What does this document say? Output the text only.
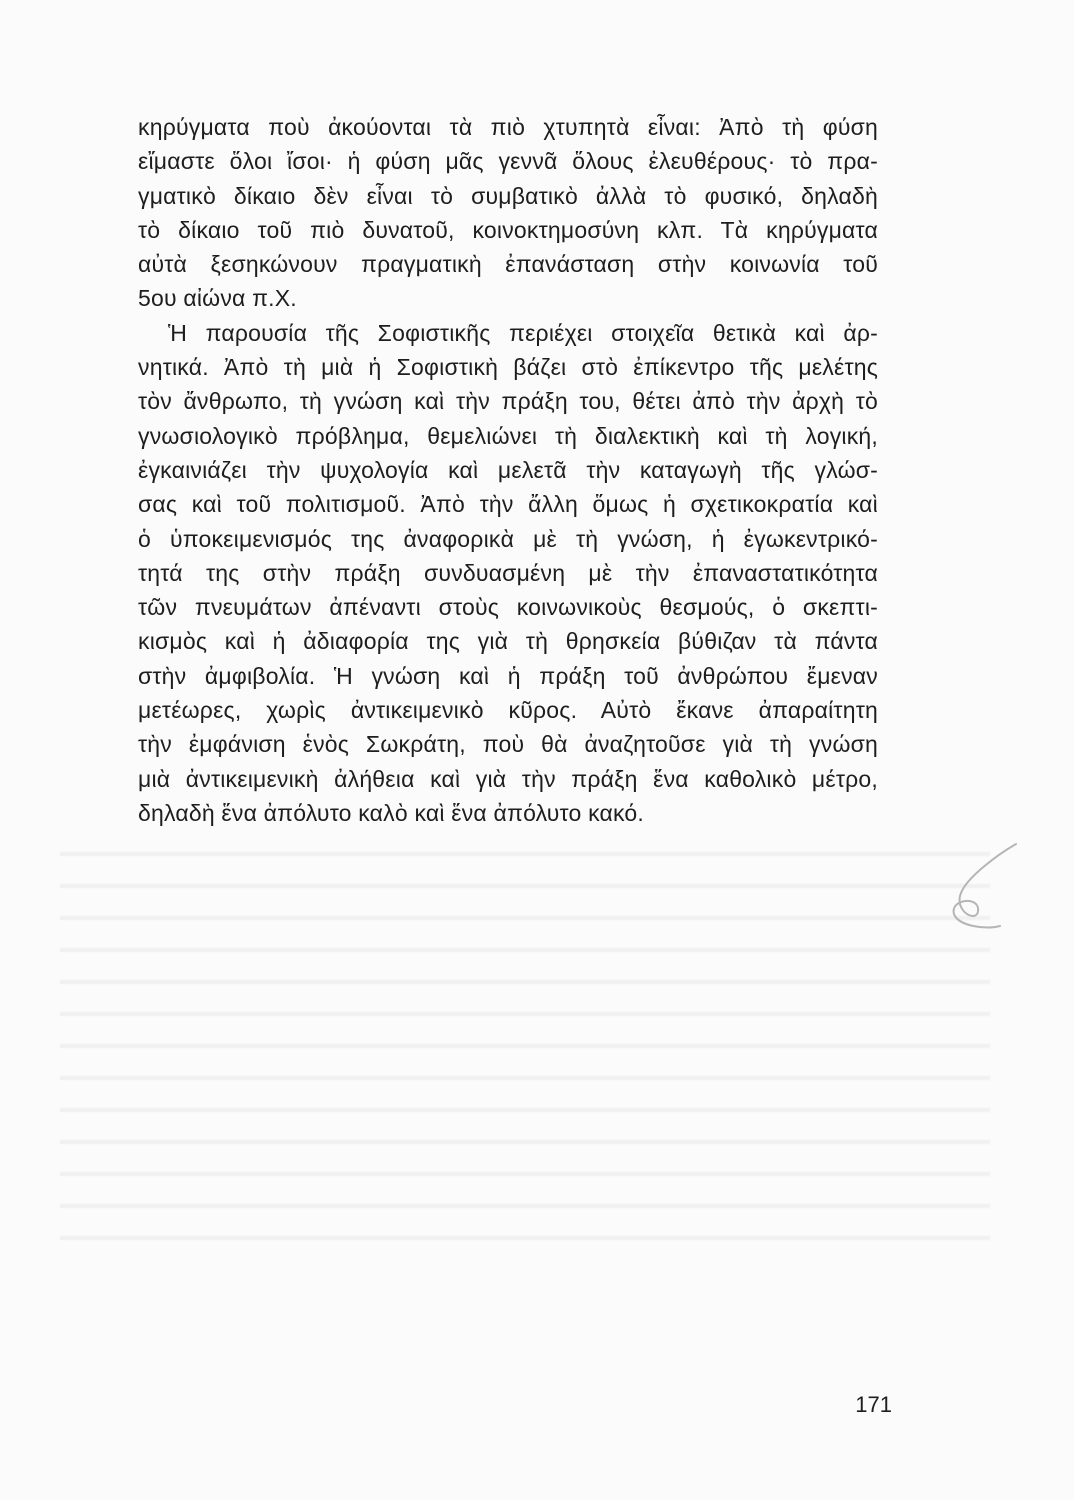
κηρύγματα ποὺ ἀκούονται τὰ πιὸ χτυπητὰ εἶναι: Ἀπὸ τὴ φύση
εἴμαστε ὅλοι ἴσοι· ἡ φύση μᾶς γεννᾶ ὅλους ἐλευθέρους· τὸ πρα-
γματικὸ δίκαιο δὲν εἶναι τὸ συμβατικὸ ἀλλὰ τὸ φυσικό, δηλαδὴ
τὸ δίκαιο τοῦ πιὸ δυνατοῦ, κοινοκτημοσύνη κλπ. Τὰ κηρύγματα
αὐτὰ ξεσηκώνουν πραγματικὴ ἐπανάσταση στὴν κοινωνία τοῦ
5ου αἰώνα π.Χ.
Ἡ παρουσία τῆς Σοφιστικῆς περιέχει στοιχεῖα θετικὰ καὶ ἀρ-
νητικά. Ἀπὸ τὴ μιὰ ἡ Σοφιστικὴ βάζει στὸ ἐπίκεντρο τῆς μελέτης
τὸν ἄνθρωπο, τὴ γνώση καὶ τὴν πράξη του, θέτει ἀπὸ τὴν ἀρχὴ τὸ
γνωσιολογικὸ πρόβλημα, θεμελιώνει τὴ διαλεκτικὴ καὶ τὴ λογική,
ἐγκαινιάζει τὴν ψυχολογία καὶ μελετᾶ τὴν καταγωγὴ τῆς γλώσ-
σας καὶ τοῦ πολιτισμοῦ. Ἀπὸ τὴν ἄλλη ὅμως ἡ σχετικοκρατία καὶ
ὁ ὑποκειμενισμός της ἀναφορικὰ μὲ τὴ γνώση, ἡ ἐγωκεντρικό-
τητά της στὴν πράξη συνδυασμένη μὲ τὴν ἐπαναστατικότητα
τῶν πνευμάτων ἀπέναντι στοὺς κοινωνικοὺς θεσμούς, ὁ σκεπτι-
κισμὸς καὶ ἡ ἀδιαφορία της γιὰ τὴ θρησκεία βύθιζαν τὰ πάντα
στὴν ἀμφιβολία. Ἡ γνώση καὶ ἡ πράξη τοῦ ἀνθρώπου ἔμεναν
μετέωρες, χωρὶς ἀντικειμενικὸ κῦρος. Αὐτὸ ἔκανε ἀπαραίτητη
τὴν ἐμφάνιση ἑνὸς Σωκράτη, ποὺ θὰ ἀναζητοῦσε γιὰ τὴ γνώση
μιὰ ἀντικειμενικὴ ἀλήθεια καὶ γιὰ τὴν πράξη ἕνα καθολικὸ μέτρο,
δηλαδὴ ἕνα ἀπόλυτο καλὸ καὶ ἕνα ἀπόλυτο κακό.
171
